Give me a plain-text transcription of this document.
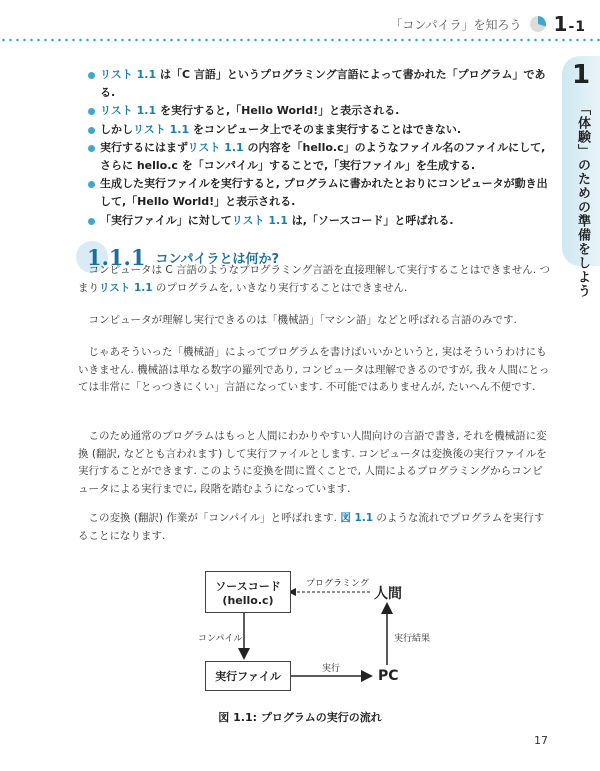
「コンパイラ」を知ろう 1-1
1
「体験」のための準備をしよう
リスト 1.1 は「C 言語」というプログラミング言語によって書かれた「プログラム」である.
リスト 1.1 を実行すると,「Hello World!」と表示される.
しかしリスト 1.1 をコンピュータ上でそのまま実行することはできない.
実行するにはまずリスト 1.1 の内容を「hello.c」のようなファイル名のファイルにして, さらに hello.c を「コンパイル」することで,「実行ファイル」を生成する.
生成した実行ファイルを実行すると, プログラムに書かれたとおりにコンピュータが動き出して,「Hello World!」と表示される.
「実行ファイル」に対してリスト 1.1 は,「ソースコード」と呼ばれる.
1.1.1 コンパイラとは何か?

コンピュータは C 言語のようなプログラミング言語を直接理解して実行することはできません. つまりリスト 1.1 のプログラムを, いきなり実行することはできません.

コンピュータが理解し実行できるのは「機械語」「マシン語」などと呼ばれる言語のみです.

じゃあそういった「機械語」によってプログラムを書けばいいかというと, 実はそういうわけにもいきません. 機械語は単なる数字の羅列であり, コンピュータは理解できるのですが, 我々人間にとっては非常に「とっつきにくい」言語になっています. 不可能ではありませんが, たいへん不便です.

このため通常のプログラムはもっと人間にわかりやすい人間向けの言語で書き, それを機械語に変換 (翻訳, などとも言われます) して実行ファイルとします. コンピュータは変換後の実行ファイルを実行することができます. このように変換を間に置くことで, 人間によるプログラミングからコンピュータによる実行までに, 段階を踏むようになっています.

この変換 (翻訳) 作業が「コンパイル」と呼ばれます. 図 1.1 のような流れでプログラムを実行することになります.

ソースコード
(hello.c)
実行ファイル
人間
PC
プログラミング
コンパイル
実行
実行結果
図 1.1: プログラムの実行の流れ
17
